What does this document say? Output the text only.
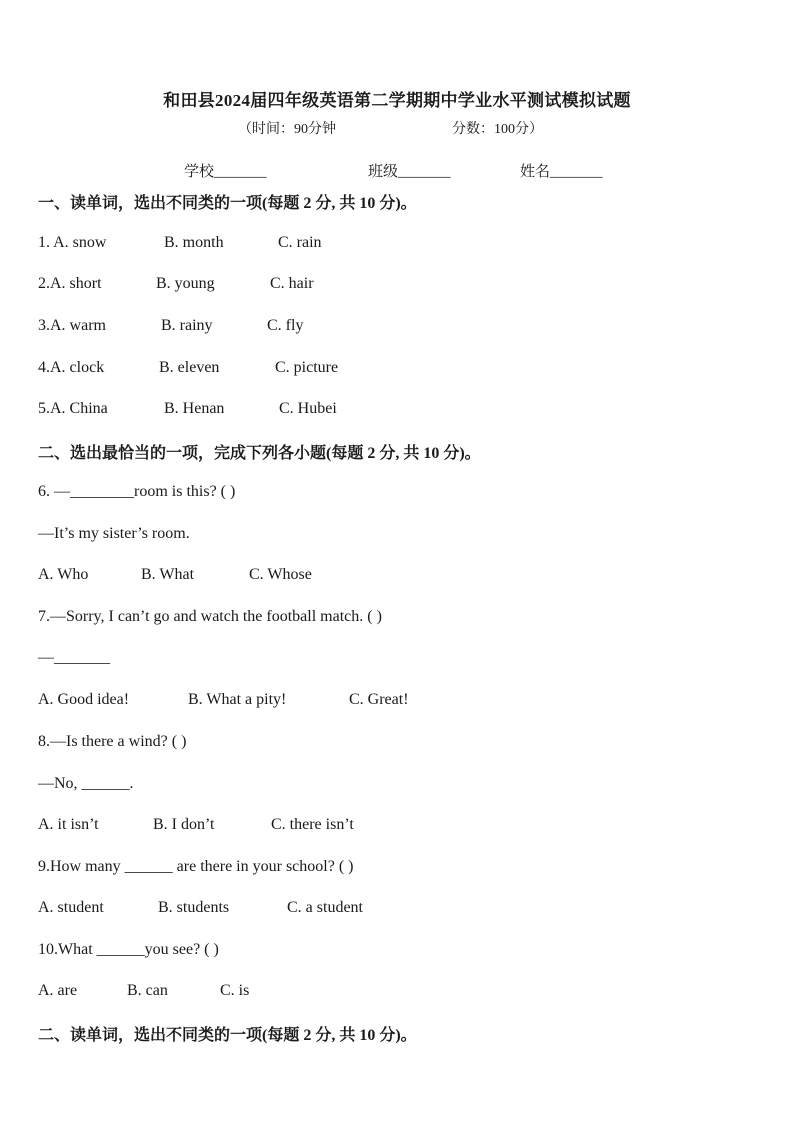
和田县2024届四年级英语第二学期期中学业水平测试模拟试题
（时间：90分钟	分数：100分）
学校_______	班级_______	姓名_______
一、读单词，选出不同类的一项(每题 2 分, 共 10 分)。
1. A. snow	B. month	C. rain
2.A. short	B. young	C. hair
3.A. warm	B. rainy	C. fly
4.A. clock	B. eleven	C. picture
5.A. China	B. Henan	C. Hubei
二、选出最恰当的一项，完成下列各小题(每题 2 分, 共 10 分)。
6. —________room is this? ( )
—It’s my sister’s room.
A. Who	B. What	C. Whose
7.—Sorry, I can’t go and watch the football match. ( )
—_______
A. Good idea!	B. What a pity!	C. Great!
8.—Is there a wind? ( )
—No, ______.
A. it isn’t	B. I don’t	C. there isn’t
9.How many ______ are there in your school? ( )
A. student	B. students	C. a student
10.What ______you see? ( )
A. are	B. can	C. is
二、读单词，选出不同类的一项(每题 2 分, 共 10 分)。
